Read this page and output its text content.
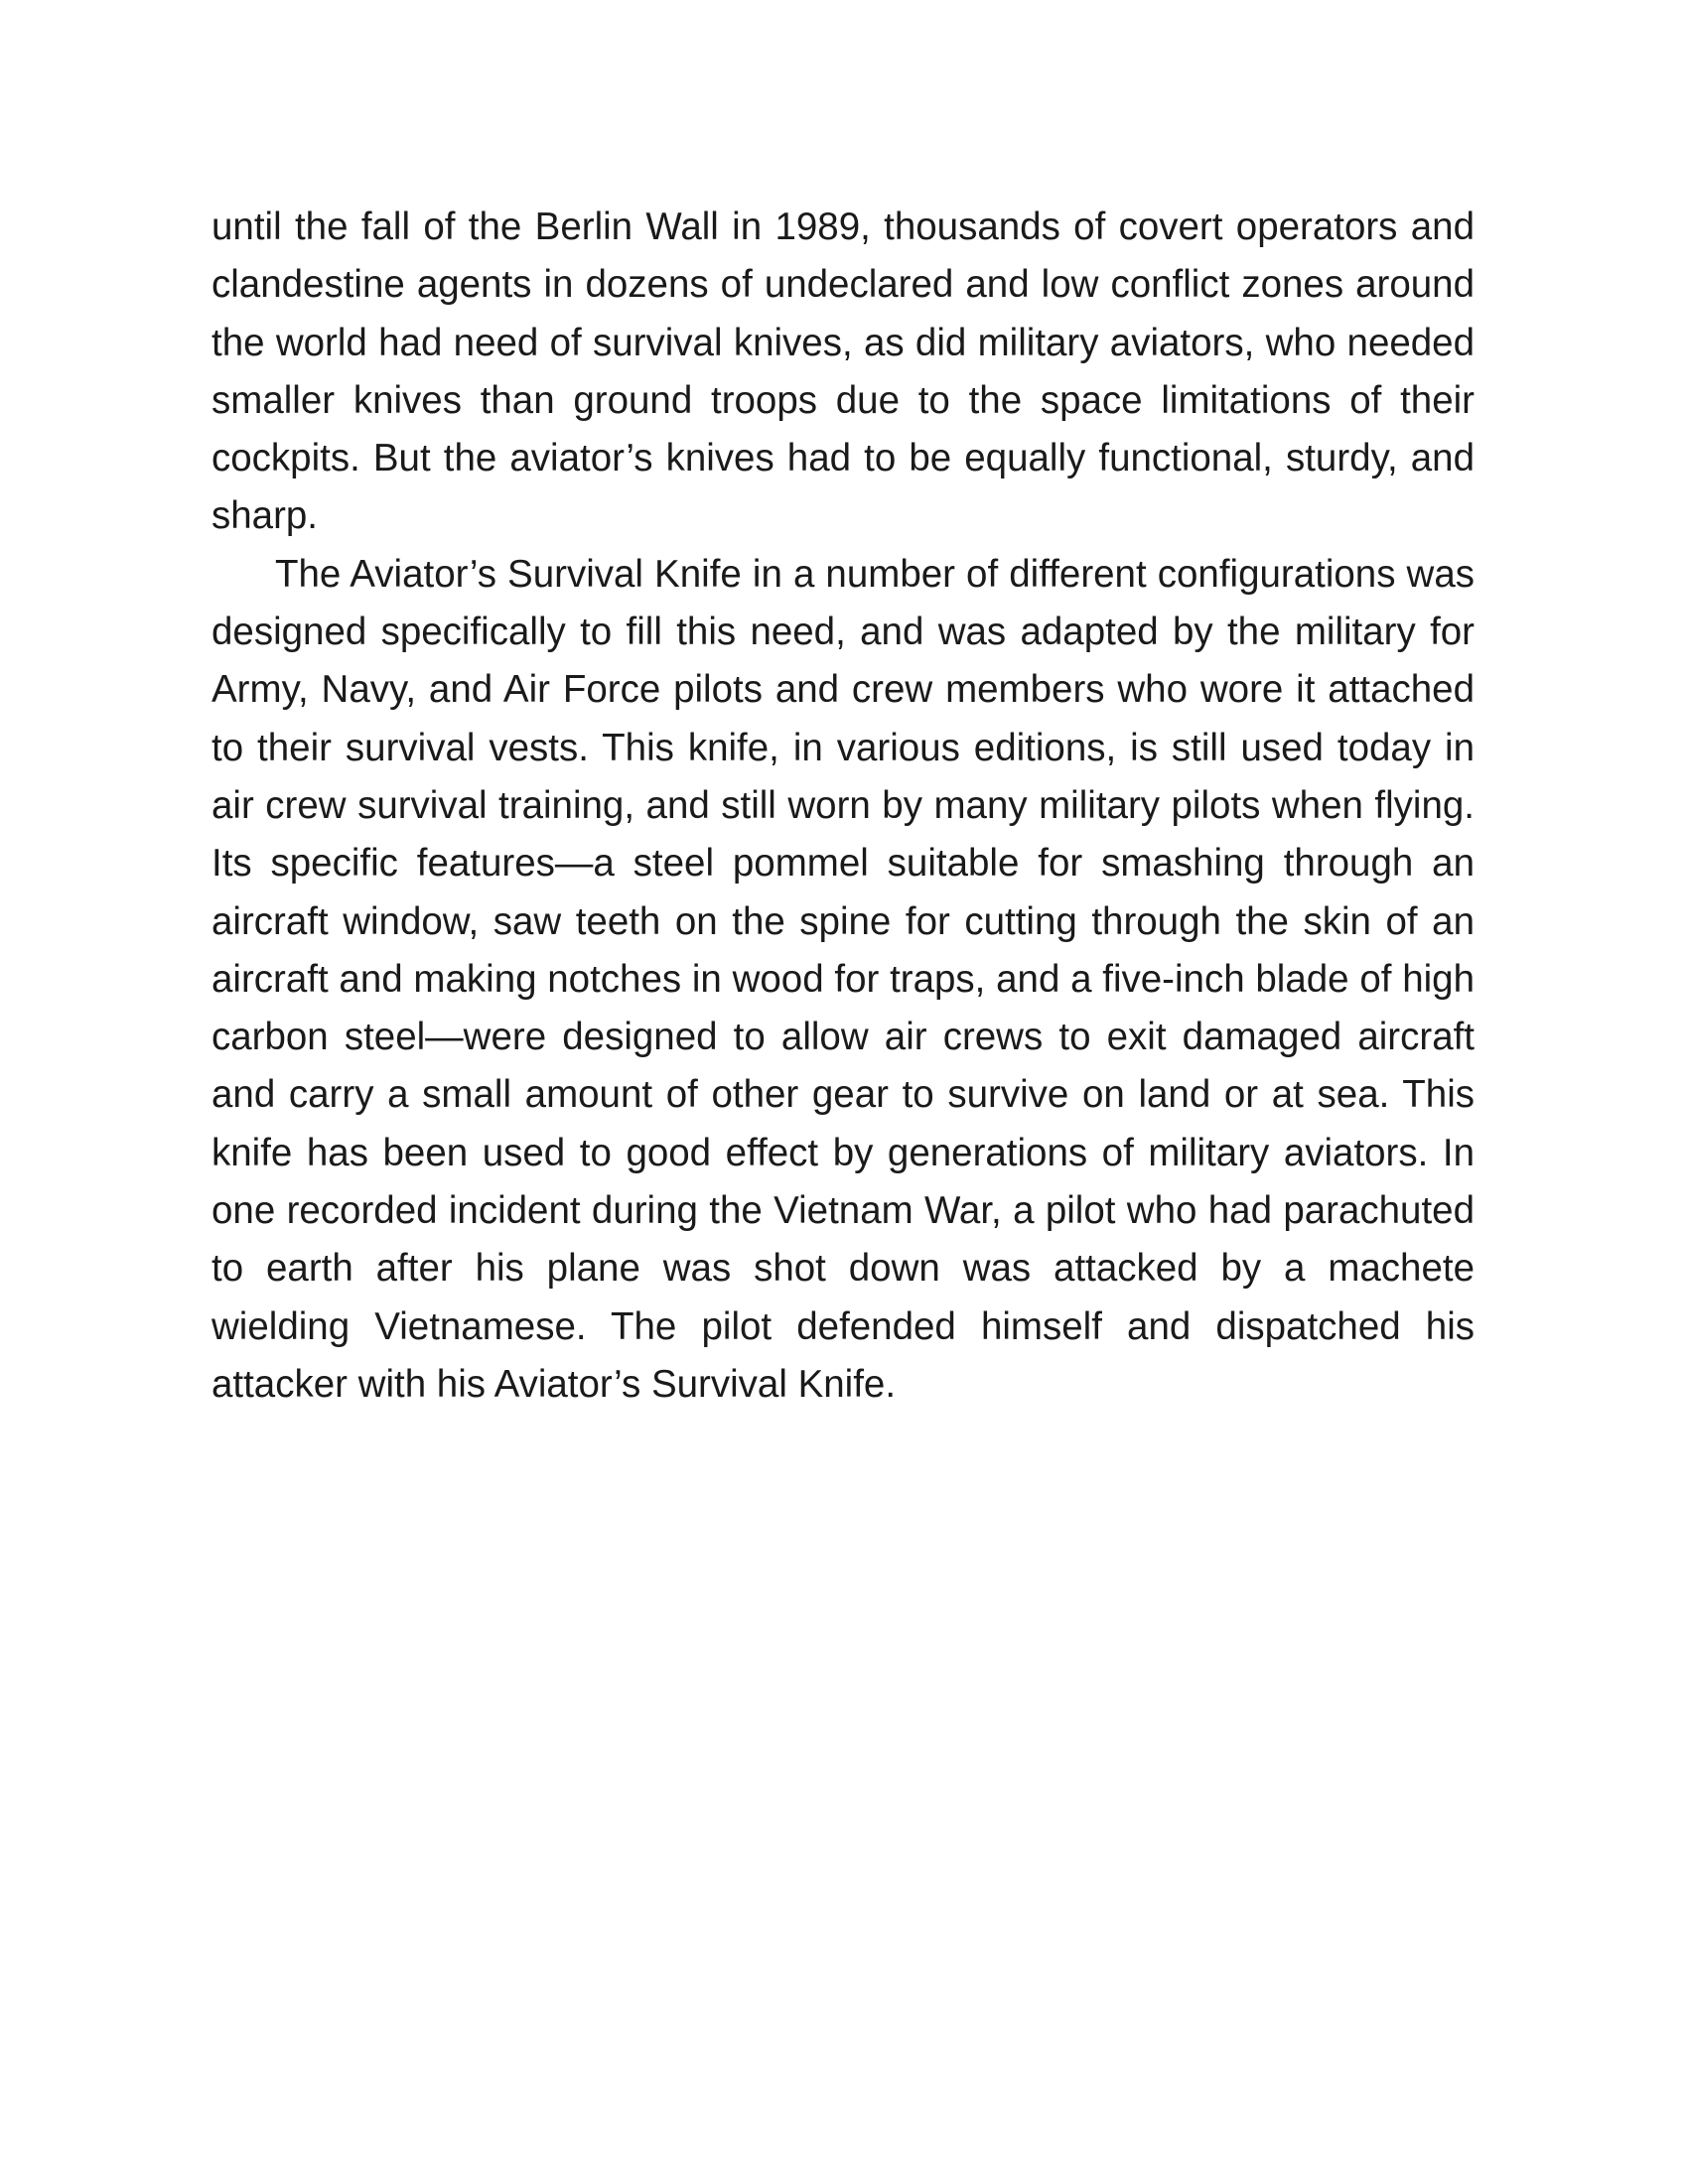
until the fall of the Berlin Wall in 1989, thousands of covert operators and clandestine agents in dozens of undeclared and low conflict zones around the world had need of survival knives, as did military aviators, who needed smaller knives than ground troops due to the space limitations of their cockpits. But the aviator’s knives had to be equally functional, sturdy, and sharp.

The Aviator’s Survival Knife in a number of different configurations was designed specifically to fill this need, and was adapted by the military for Army, Navy, and Air Force pilots and crew members who wore it attached to their survival vests. This knife, in various editions, is still used today in air crew survival training, and still worn by many military pilots when flying. Its specific features—a steel pommel suitable for smashing through an aircraft window, saw teeth on the spine for cutting through the skin of an aircraft and making notches in wood for traps, and a five-inch blade of high carbon steel—were designed to allow air crews to exit damaged aircraft and carry a small amount of other gear to survive on land or at sea. This knife has been used to good effect by generations of military aviators. In one recorded incident during the Vietnam War, a pilot who had parachuted to earth after his plane was shot down was attacked by a machete wielding Vietnamese. The pilot defended himself and dispatched his attacker with his Aviator’s Survival Knife.
